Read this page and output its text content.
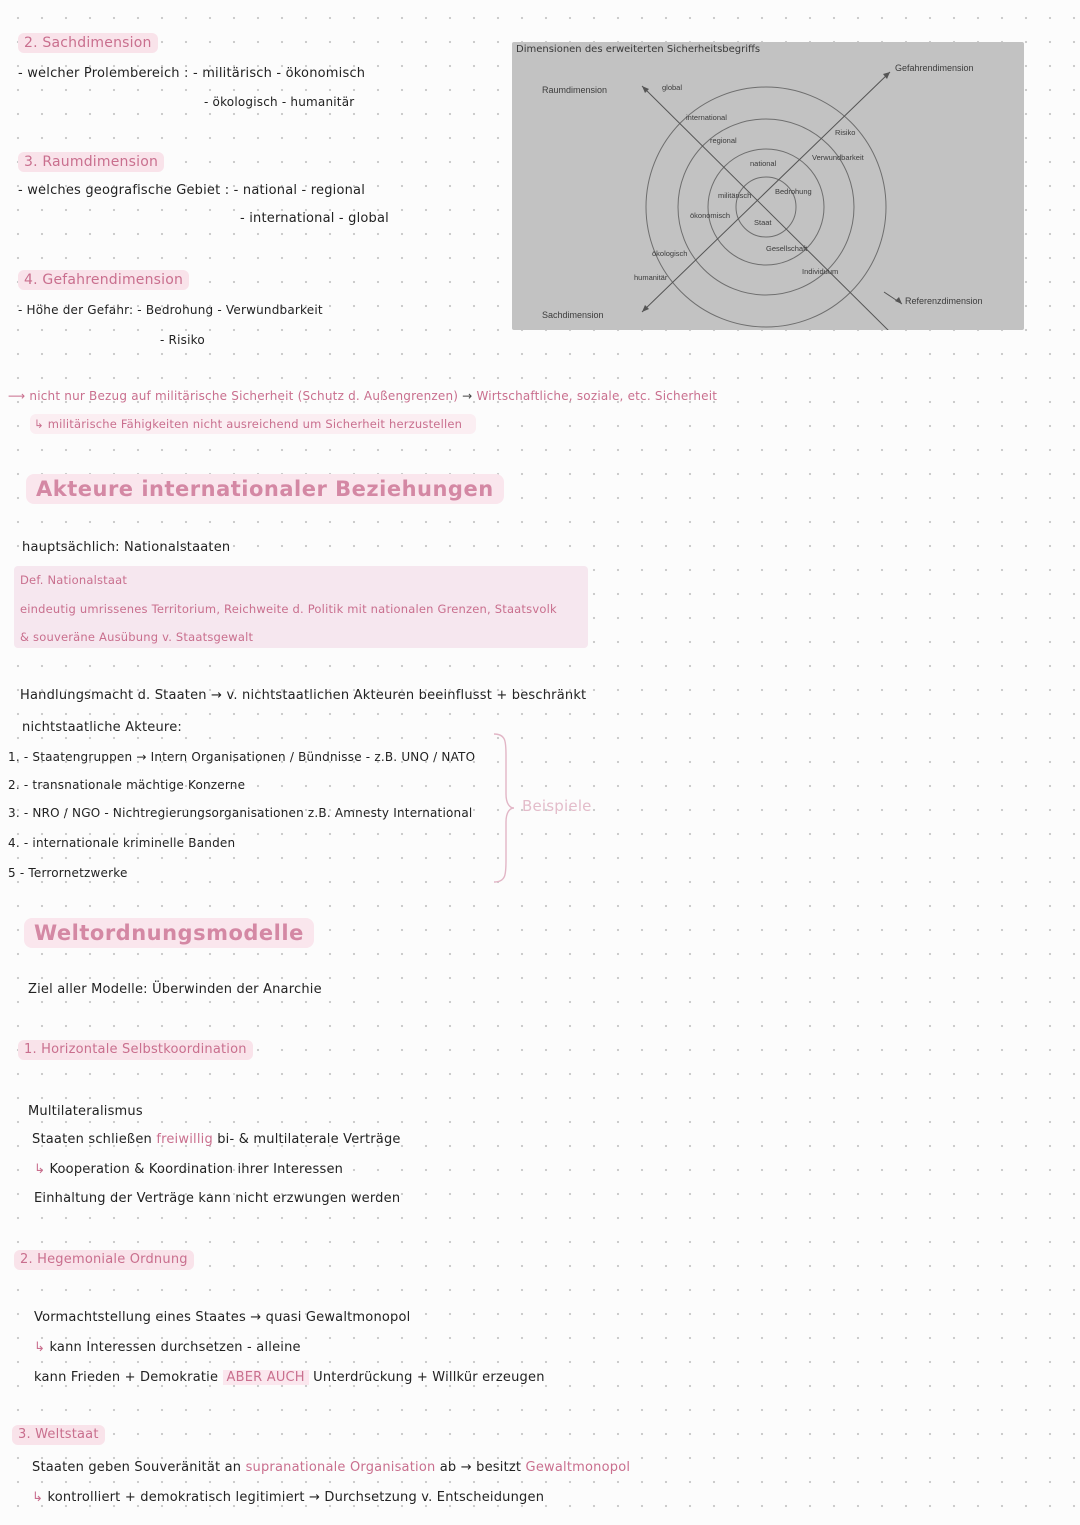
2. Sachdimension
- welcher Prolembereich : - militärisch - ökonomisch
- ökologisch - humanitär
3. Raumdimension
- welches geografische Gebiet : - national - regional
- international - global
4. Gefahrendimension
- Höhe der Gefahr: - Bedrohung - Verwundbarkeit
- Risiko
Dimensionen des erweiterten Sicherheitsbegriffs
Raumdimension
Gefahrendimension
Sachdimension
Referenzdimension
global
international
regional
national
militärisch
ökonomisch
ökologisch
humanitär
Bedrohung
Verwundbarkeit
Risiko
Staat
Gesellschaft
Individuum
⟶ nicht nur Bezug auf militärische Sicherheit (Schutz d. Außengrenzen) → Wirtschaftliche, soziale, etc. Sicherheit
↳ militärische Fähigkeiten nicht ausreichend um Sicherheit herzustellen
Akteure internationaler Beziehungen
hauptsächlich: Nationalstaaten
Def. Nationalstaat
eindeutig umrissenes Territorium, Reichweite d. Politik mit nationalen Grenzen, Staatsvolk
& souveräne Ausübung v. Staatsgewalt
Handlungsmacht d. Staaten → v. nichtstaatlichen Akteuren beeinflusst + beschränkt
nichtstaatliche Akteure:
1. - Staatengruppen → Intern Organisationen / Bündnisse - z.B. UNO / NATO
2. - transnationale mächtige Konzerne
3. - NRO / NGO - Nichtregierungsorganisationen z.B. Amnesty International
4. - internationale kriminelle Banden
5 - Terrornetzwerke
Beispiele
Weltordnungsmodelle
Ziel aller Modelle: Überwinden der Anarchie
1. Horizontale Selbstkoordination
Multilateralismus
Staaten schließen freiwillig bi- & multilaterale Verträge
↳ Kooperation & Koordination ihrer Interessen
Einhaltung der Verträge kann nicht erzwungen werden
2. Hegemoniale Ordnung
Vormachtstellung eines Staates → quasi Gewaltmonopol
↳ kann Interessen durchsetzen - alleine
kann Frieden + Demokratie ABER AUCH Unterdrückung + Willkür erzeugen
3. Weltstaat
Staaten geben Souveränität an supranationale Organisation ab → besitzt Gewaltmonopol
↳ kontrolliert + demokratisch legitimiert → Durchsetzung v. Entscheidungen
